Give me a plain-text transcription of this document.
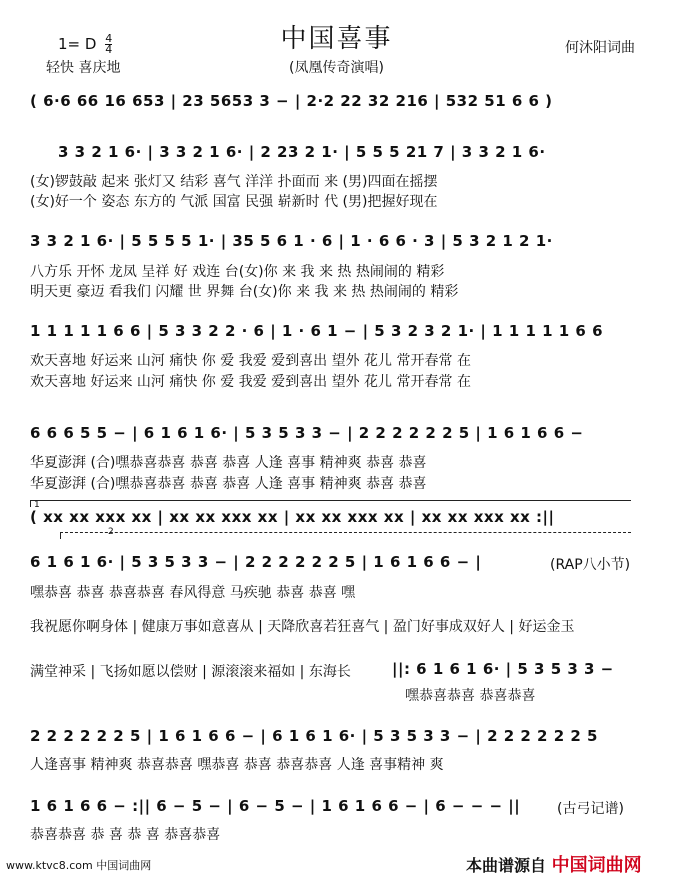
中国喜事
1= D $\frac{4}{4}$
轻快 喜庆地
何沐阳词曲
(凤凰传奇演唱)
( 6·6 66 16 653 | 23 5653 3 − | 2·2 22 32 216 | 532 51 6 6 )
3 3 2 1 6· | 3 3 2 1 6· | 2 23 2 1· | 5 5 5 21 7 | 3 3 2 1 6·
(女)锣鼓敲 起来 张灯又 结彩 喜气 洋洋 扑面而 来 (男)四面在摇摆
(女)好一个 姿态 东方的 气派 国富 民强 崭新时 代 (男)把握好现在
3 3 2 1 6· | 5 5 5 5 1· | 35 5 6 1 · 6 | 1 · 6 6 · 3 | 5 3 2 1 2 1·
八方乐 开怀 龙凤 呈祥 好 戏连 台(女)你 来 我 来 热 热闹闹的 精彩
明天更 豪迈 看我们 闪耀 世 界舞 台(女)你 来 我 来 热 热闹闹的 精彩
1 1 1 1 1 6 6 | 5 3 3 2 2 · 6 | 1 · 6 1 − | 5 3 2 3 2 1· | 1 1 1 1 1 6 6
欢天喜地 好运来 山河 痛快 你 爱 我爱 爱到喜出 望外 花儿 常开春常 在
欢天喜地 好运来 山河 痛快 你 爱 我爱 爱到喜出 望外 花儿 常开春常 在
6 6 6 5 5 − | 6 1 6 1 6· | 5 3 5 3 3 − | 2 2 2 2 2 2 5 | 1 6 1 6 6 −
华夏澎湃 (合)嘿恭喜恭喜 恭喜 恭喜 人逢 喜事 精神爽 恭喜 恭喜
华夏澎湃 (合)嘿恭喜恭喜 恭喜 恭喜 人逢 喜事 精神爽 恭喜 恭喜
1
2
( xx xx xxx xx | xx xx xxx xx | xx xx xxx xx | xx xx xxx xx :||
6 1 6 1 6· | 5 3 5 3 3 − | 2 2 2 2 2 2 5 | 1 6 1 6 6 − |	(RAP八小节)
嘿恭喜 恭喜 恭喜恭喜 春风得意 马疾驰 恭喜 恭喜 嘿
我祝愿你啊身体 | 健康万事如意喜从 | 天降欣喜若狂喜气 | 盈门好事成双好人 | 好运金玉
满堂神采 | 飞扬如愿以偿财 | 源滚滚来福如 | 东海长	||: 6 1 6 1 6· | 5 3 5 3 3 −
嘿恭喜恭喜 恭喜恭喜
2 2 2 2 2 2 5 | 1 6 1 6 6 − | 6 1 6 1 6· | 5 3 5 3 3 − | 2 2 2 2 2 2 5
人逢喜事 精神爽 恭喜恭喜 嘿恭喜 恭喜 恭喜恭喜 人逢 喜事精神 爽
1 6 1 6 6 − :|| 6 − 5 − | 6 − 5 − | 1 6 1 6 6 − | 6 − − − ||	(古弓记谱)
恭喜恭喜 恭 喜 恭 喜 恭喜恭喜
www.ktvc8.com 中国词曲网	本曲谱源自 中国词曲网
